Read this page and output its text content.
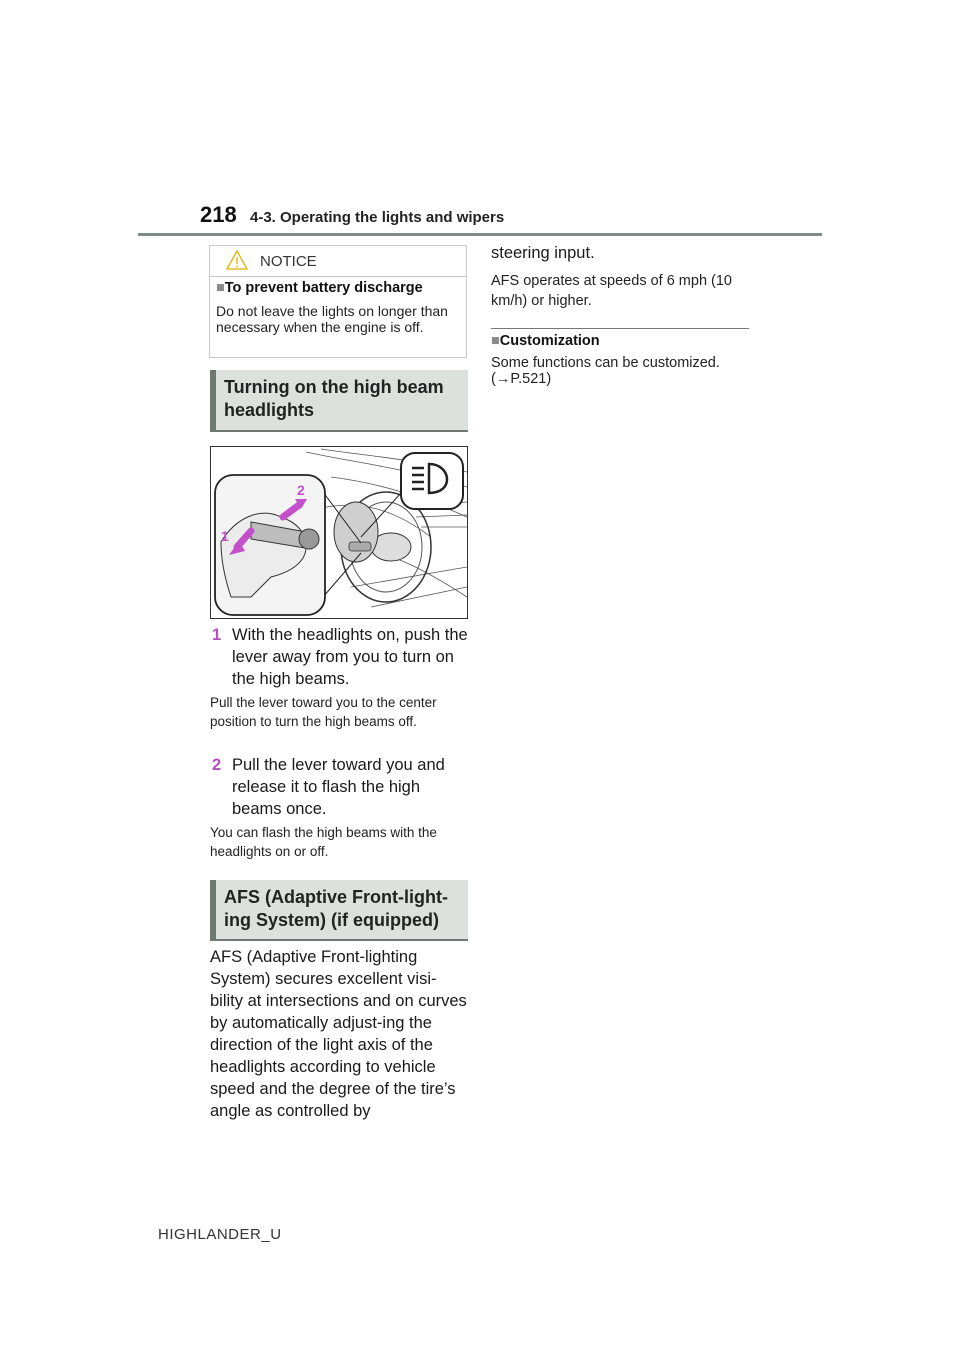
218 4-3. Operating the lights and wipers
NOTICE
■To prevent battery discharge
Do not leave the lights on longer than necessary when the engine is off.
Turning on the high beam
headlights
1
2
1 With the headlights on, push the lever away from you to turn on the high beams.
Pull the lever toward you to the center position to turn the high beams off.
2 Pull the lever toward you and release it to flash the high beams once.
You can flash the high beams with the headlights on or off.
AFS (Adaptive Front-light-
ing System) (if equipped)
AFS (Adaptive Front-lighting System) secures excellent visi-bility at intersections and on curves by automatically adjust-ing the direction of the light axis of the headlights according to vehicle speed and the degree of the tire’s angle as controlled by
steering input.
AFS operates at speeds of 6 mph (10 km/h) or higher.
■Customization
Some functions can be customized.
(→P.521)
HIGHLANDER_U
